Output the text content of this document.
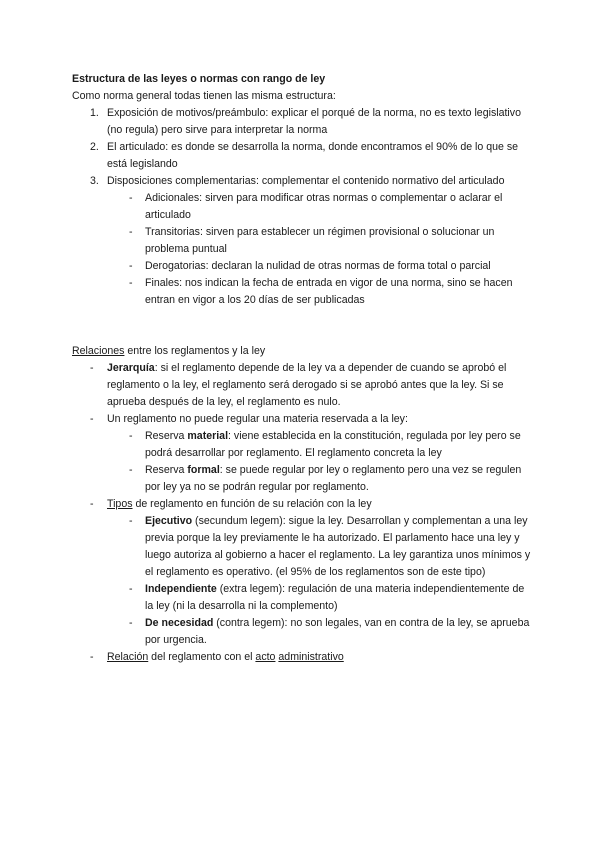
Estructura de las leyes o normas con rango de ley

Como norma general todas tienen las misma estructura:

1. Exposición de motivos/preámbulo: explicar el porqué de la norma, no es texto legislativo (no regula) pero sirve para interpretar la norma
2. El articulado: es donde se desarrolla la norma, donde encontramos el 90% de lo que se está legislando
3. Disposiciones complementarias: complementar el contenido normativo del articulado
- Adicionales: sirven para modificar otras normas o complementar o aclarar el articulado
- Transitorias: sirven para establecer un régimen provisional o solucionar un problema puntual
- Derogatorias: declaran la nulidad de otras normas de forma total o parcial
- Finales: nos indican la fecha de entrada en vigor de una norma, sino se hacen entran en vigor a los 20 días de ser publicadas

Relaciones entre los reglamentos y la ley

- Jerarquía: si el reglamento depende de la ley va a depender de cuando se aprobó el reglamento o la ley, el reglamento será derogado si se aprobó antes que la ley. Si se aprueba después de la ley, el reglamento es nulo.
- Un reglamento no puede regular una materia reservada a la ley:
- Reserva material: viene establecida en la constitución, regulada por ley pero se podrá desarrollar por reglamento. El reglamento concreta la ley
- Reserva formal: se puede regular por ley o reglamento pero una vez se regulen por ley ya no se podrán regular por reglamento.
- Tipos de reglamento en función de su relación con la ley
- Ejecutivo (secundum legem): sigue la ley. Desarrollan y complementan a una ley previa porque la ley previamente le ha autorizado. El parlamento hace una ley y luego autoriza al gobierno a hacer el reglamento. La ley garantiza unos mínimos y el reglamento es operativo. (el 95% de los reglamentos son de este tipo)
- Independiente (extra legem): regulación de una materia independientemente de la ley (ni la desarrolla ni la complemento)
- De necesidad (contra legem): no son legales, van en contra de la ley, se aprueba por urgencia.
- Relación del reglamento con el acto administrativo
